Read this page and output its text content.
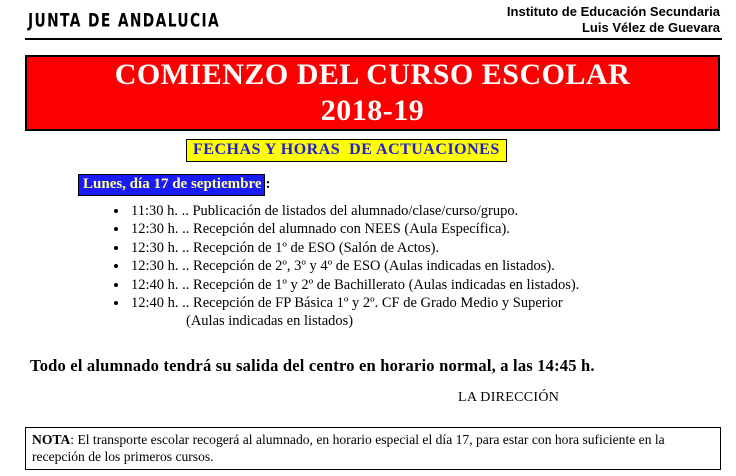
JUNTA DE ANDALUCIA	Instituto de Educación Secundaria
Luis Vélez de Guevara
COMIENZO DEL CURSO ESCOLAR
2018-19
FECHAS Y HORAS  DE ACTUACIONES
Lunes, día 17 de septiembre :
• 11:30 h. .. Publicación de listados del alumnado/clase/curso/grupo.
• 12:30 h. .. Recepción del alumnado con NEES (Aula Específica).
• 12:30 h. .. Recepción de 1º de ESO (Salón de Actos).
• 12:30 h. .. Recepción de 2º, 3º y 4º de ESO (Aulas indicadas en listados).
• 12:40 h. .. Recepción de 1º y 2º de Bachillerato (Aulas indicadas en listados).
• 12:40 h. .. Recepción de FP Básica 1º y 2º. CF de Grado Medio y Superior
(Aulas indicadas en listados)
Todo el alumnado tendrá su salida del centro en horario normal, a las 14:45 h.
LA DIRECCIÓN
NOTA: El transporte escolar recogerá al alumnado, en horario especial el día 17, para estar con hora suficiente en la recepción de los primeros cursos.
